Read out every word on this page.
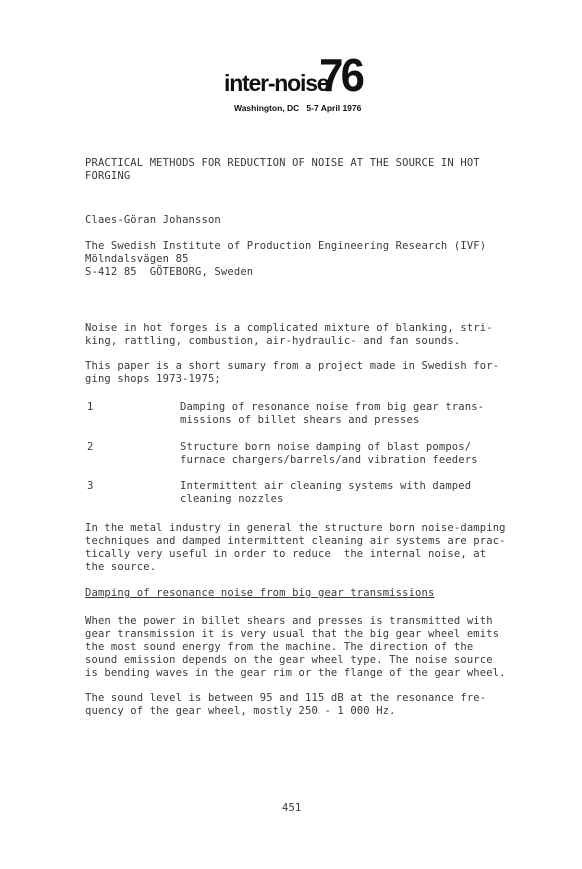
inter-noise
76
Washington, DC   5-7 April 1976
PRACTICAL METHODS FOR REDUCTION OF NOISE AT THE SOURCE IN HOT
FORGING
Claes-Göran Johansson
The Swedish Institute of Production Engineering Research (IVF)
Mölndalsvägen 85
S-412 85  GÖTEBORG, Sweden
Noise in hot forges is a complicated mixture of blanking, stri-
king, rattling, combustion, air-hydraulic- and fan sounds.
This paper is a short sumary from a project made in Swedish for-
ging shops 1973-1975;
1	Damping of resonance noise from big gear trans-
missions of billet shears and presses
2	Structure born noise damping of blast pompos/
furnace chargers/barrels/and vibration feeders
3	Intermittent air cleaning systems with damped
cleaning nozzles
In the metal industry in general the structure born noise-damping
techniques and damped intermittent cleaning air systems are prac-
tically very useful in order to reduce  the internal noise, at
the source.
Damping of resonance noise from big gear transmissions
When the power in billet shears and presses is transmitted with
gear transmission it is very usual that the big gear wheel emits
the most sound energy from the machine. The direction of the
sound emission depends on the gear wheel type. The noise source
is bending waves in the gear rim or the flange of the gear wheel.
The sound level is between 95 and 115 dB at the resonance fre-
quency of the gear wheel, mostly 250 - 1 000 Hz.
451
